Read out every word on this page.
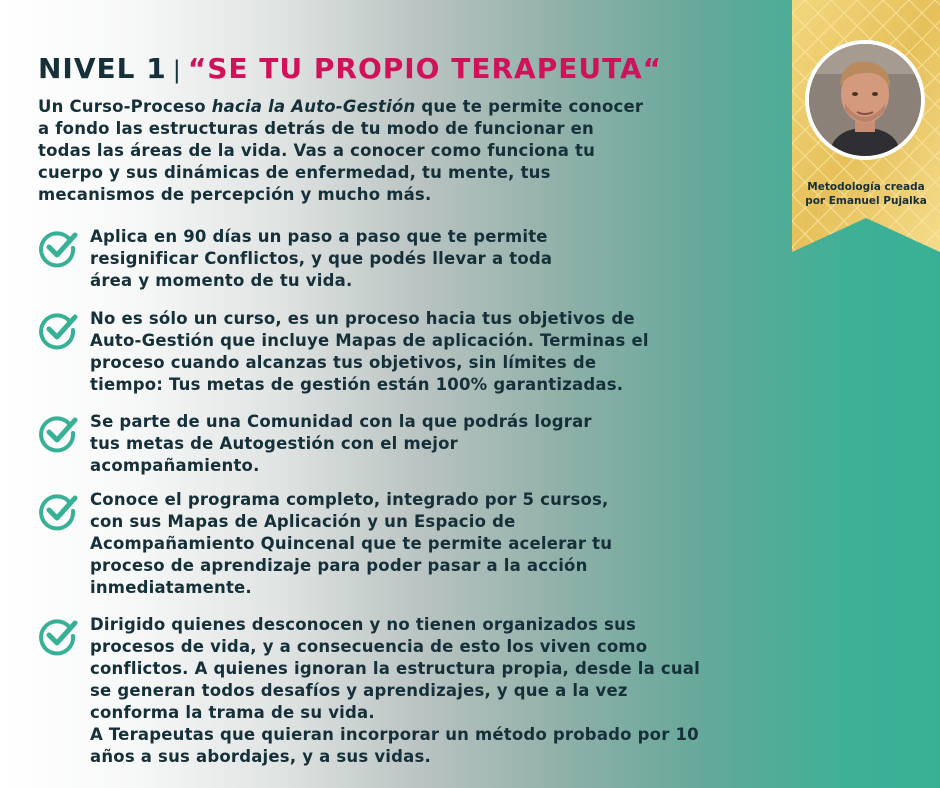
NIVEL 1 | “SE TU PROPIO TERAPEUTA“
Un Curso-Proceso hacia la Auto-Gestión que te permite conocer
a fondo las estructuras detrás de tu modo de funcionar en
todas las áreas de la vida. Vas a conocer como funciona tu
cuerpo y sus dinámicas de enfermedad, tu mente, tus
mecanismos de percepción y mucho más.
Aplica en 90 días un paso a paso que te permite
resignificar Conflictos, y que podés llevar a toda
área y momento de tu vida.
No es sólo un curso, es un proceso hacia tus objetivos de
Auto-Gestión que incluye Mapas de aplicación. Terminas el
proceso cuando alcanzas tus objetivos, sin límites de
tiempo: Tus metas de gestión están 100% garantizadas.
Se parte de una Comunidad con la que podrás lograr
tus metas de Autogestión con el mejor
acompañamiento.
Conoce el programa completo, integrado por 5 cursos,
con sus Mapas de Aplicación y un Espacio de
Acompañamiento Quincenal que te permite acelerar tu
proceso de aprendizaje para poder pasar a la acción
inmediatamente.
Dirigido quienes desconocen y no tienen organizados sus
procesos de vida, y a consecuencia de esto los viven como
conflictos. A quienes ignoran la estructura propia, desde la cual
se generan todos desafíos y aprendizajes, y que a la vez
conforma la trama de su vida.
A Terapeutas que quieran incorporar un método probado por 10
años a sus abordajes, y a sus vidas.
Metodología creada
por Emanuel Pujalka
